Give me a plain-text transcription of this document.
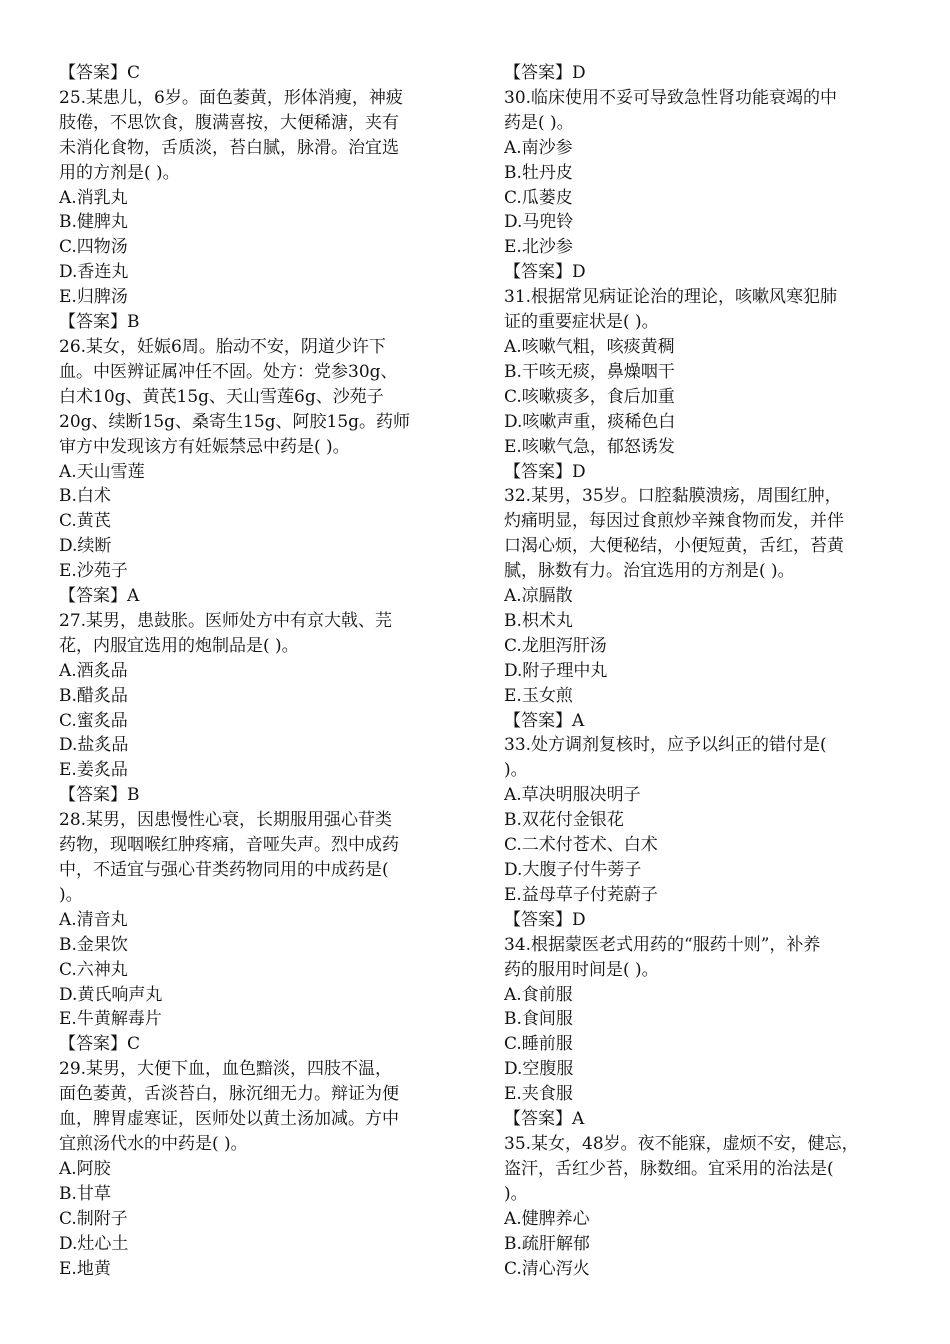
【答案】C
25.某患儿，6岁。面色萎黄，形体消瘦，神疲
肢倦，不思饮食，腹满喜按，大便稀溏，夹有
未消化食物，舌质淡，苔白腻，脉滑。治宜选
用的方剂是( )。
A.消乳丸
B.健脾丸
C.四物汤
D.香连丸
E.归脾汤
【答案】B
26.某女，妊娠6周。胎动不安，阴道少许下
血。中医辨证属冲任不固。处方：党参30g、
白术10g、黄芪15g、天山雪莲6g、沙苑子
20g、续断15g、桑寄生15g、阿胶15g。药师
审方中发现该方有妊娠禁忌中药是( )。
A.天山雪莲
B.白术
C.黄芪
D.续断
E.沙苑子
【答案】A
27.某男，患鼓胀。医师处方中有京大戟、芫
花，内服宜选用的炮制品是( )。
A.酒炙品
B.醋炙品
C.蜜炙品
D.盐炙品
E.姜炙品
【答案】B
28.某男，因患慢性心衰，长期服用强心苷类
药物，现咽喉红肿疼痛，音哑失声。烈中成药
中，不适宜与强心苷类药物同用的中成药是(
)。
A.清音丸
B.金果饮
C.六神丸
D.黄氏响声丸
E.牛黄解毒片
【答案】C
29.某男，大便下血，血色黯淡，四肢不温，
面色萎黄，舌淡苔白，脉沉细无力。辩证为便
血，脾胃虚寒证，医师处以黄土汤加减。方中
宜煎汤代水的中药是( )。
A.阿胶
B.甘草
C.制附子
D.灶心土
E.地黄
【答案】D
30.临床使用不妥可导致急性肾功能衰竭的中
药是( )。
A.南沙参
B.牡丹皮
C.瓜蒌皮
D.马兜铃
E.北沙参
【答案】D
31.根据常见病证论治的理论，咳嗽风寒犯肺
证的重要症状是( )。
A.咳嗽气粗，咳痰黄稠
B.干咳无痰，鼻燥咽干
C.咳嗽痰多，食后加重
D.咳嗽声重，痰稀色白
E.咳嗽气急，郁怒诱发
【答案】D
32.某男，35岁。口腔黏膜溃疡，周围红肿，
灼痛明显，每因过食煎炒辛辣食物而发，并伴
口渴心烦，大便秘结，小便短黄，舌红，苔黄
腻，脉数有力。治宜选用的方剂是( )。
A.凉膈散
B.枳术丸
C.龙胆泻肝汤
D.附子理中丸
E.玉女煎
【答案】A
33.处方调剂复核时，应予以纠正的错付是(
)。
A.草决明服决明子
B.双花付金银花
C.二术付苍术、白术
D.大腹子付牛蒡子
E.益母草子付茺蔚子
【答案】D
34.根据蒙医老式用药的“服药十则”，补养
药的服用时间是( )。
A.食前服
B.食间服
C.睡前服
D.空腹服
E.夹食服
【答案】A
35.某女，48岁。夜不能寐，虚烦不安，健忘，
盗汗，舌红少苔，脉数细。宜采用的治法是(
)。
A.健脾养心
B.疏肝解郁
C.清心泻火
